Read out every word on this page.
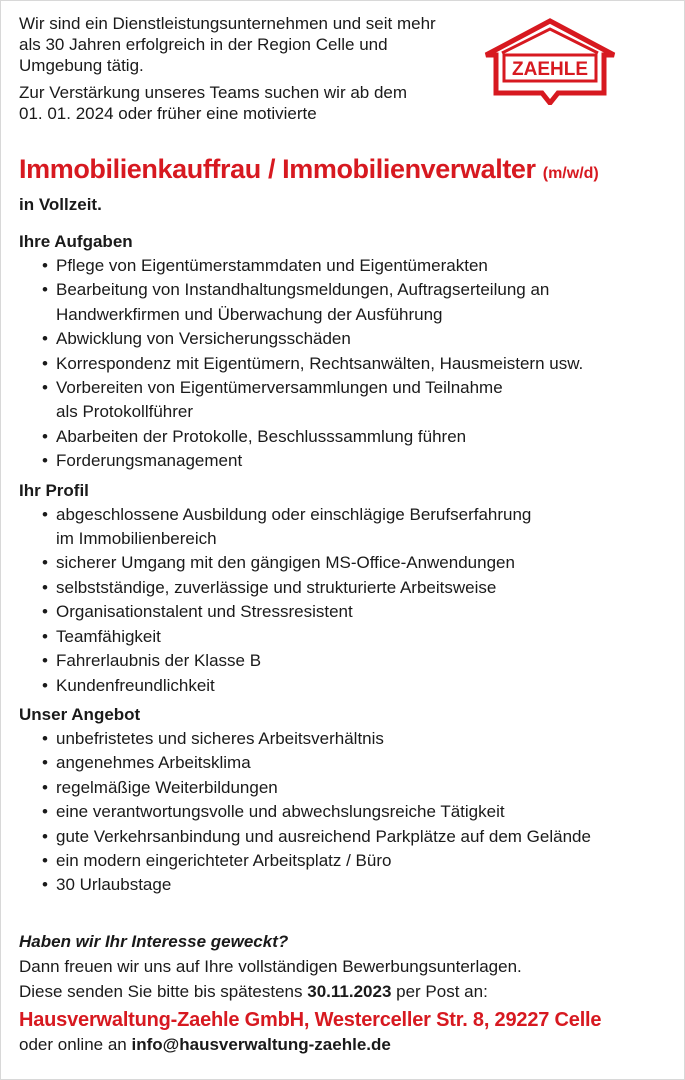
Wir sind ein Dienstleistungsunternehmen und seit mehr als 30 Jahren erfolgreich in der Region Celle und Umgebung tätig.

Zur Verstärkung unseres Teams suchen wir ab dem 01. 01. 2024 oder früher eine motivierte

ZAEHLE
Immobilienkauffrau / Immobilienverwalter (m/w/d)
in Vollzeit.
Ihre Aufgaben
• Pflege von Eigentümerstammdaten und Eigentümerakten
• Bearbeitung von Instandhaltungsmeldungen, Auftragserteilung an
Handwerkfirmen und Überwachung der Ausführung
• Abwicklung von Versicherungsschäden
• Korrespondenz mit Eigentümern, Rechtsanwälten, Hausmeistern usw.
• Vorbereiten von Eigentümerversammlungen und Teilnahme
als Protokollführer
• Abarbeiten der Protokolle, Beschlusssammlung führen
• Forderungsmanagement
Ihr Profil
• abgeschlossene Ausbildung oder einschlägige Berufserfahrung
im Immobilienbereich
• sicherer Umgang mit den gängigen MS-Office-Anwendungen
• selbstständige, zuverlässige und strukturierte Arbeitsweise
• Organisationstalent und Stressresistent
• Teamfähigkeit
• Fahrerlaubnis der Klasse B
• Kundenfreundlichkeit
Unser Angebot
• unbefristetes und sicheres Arbeitsverhältnis
• angenehmes Arbeitsklima
• regelmäßige Weiterbildungen
• eine verantwortungsvolle und abwechslungsreiche Tätigkeit
• gute Verkehrsanbindung und ausreichend Parkplätze auf dem Gelände
• ein modern eingerichteter Arbeitsplatz / Büro
• 30 Urlaubstage
Haben wir Ihr Interesse geweckt?
Dann freuen wir uns auf Ihre vollständigen Bewerbungsunterlagen.
Diese senden Sie bitte bis spätestens 30.11.2023 per Post an:
Hausverwaltung-Zaehle GmbH, Westerceller Str. 8, 29227 Celle
oder online an info@hausverwaltung-zaehle.de
